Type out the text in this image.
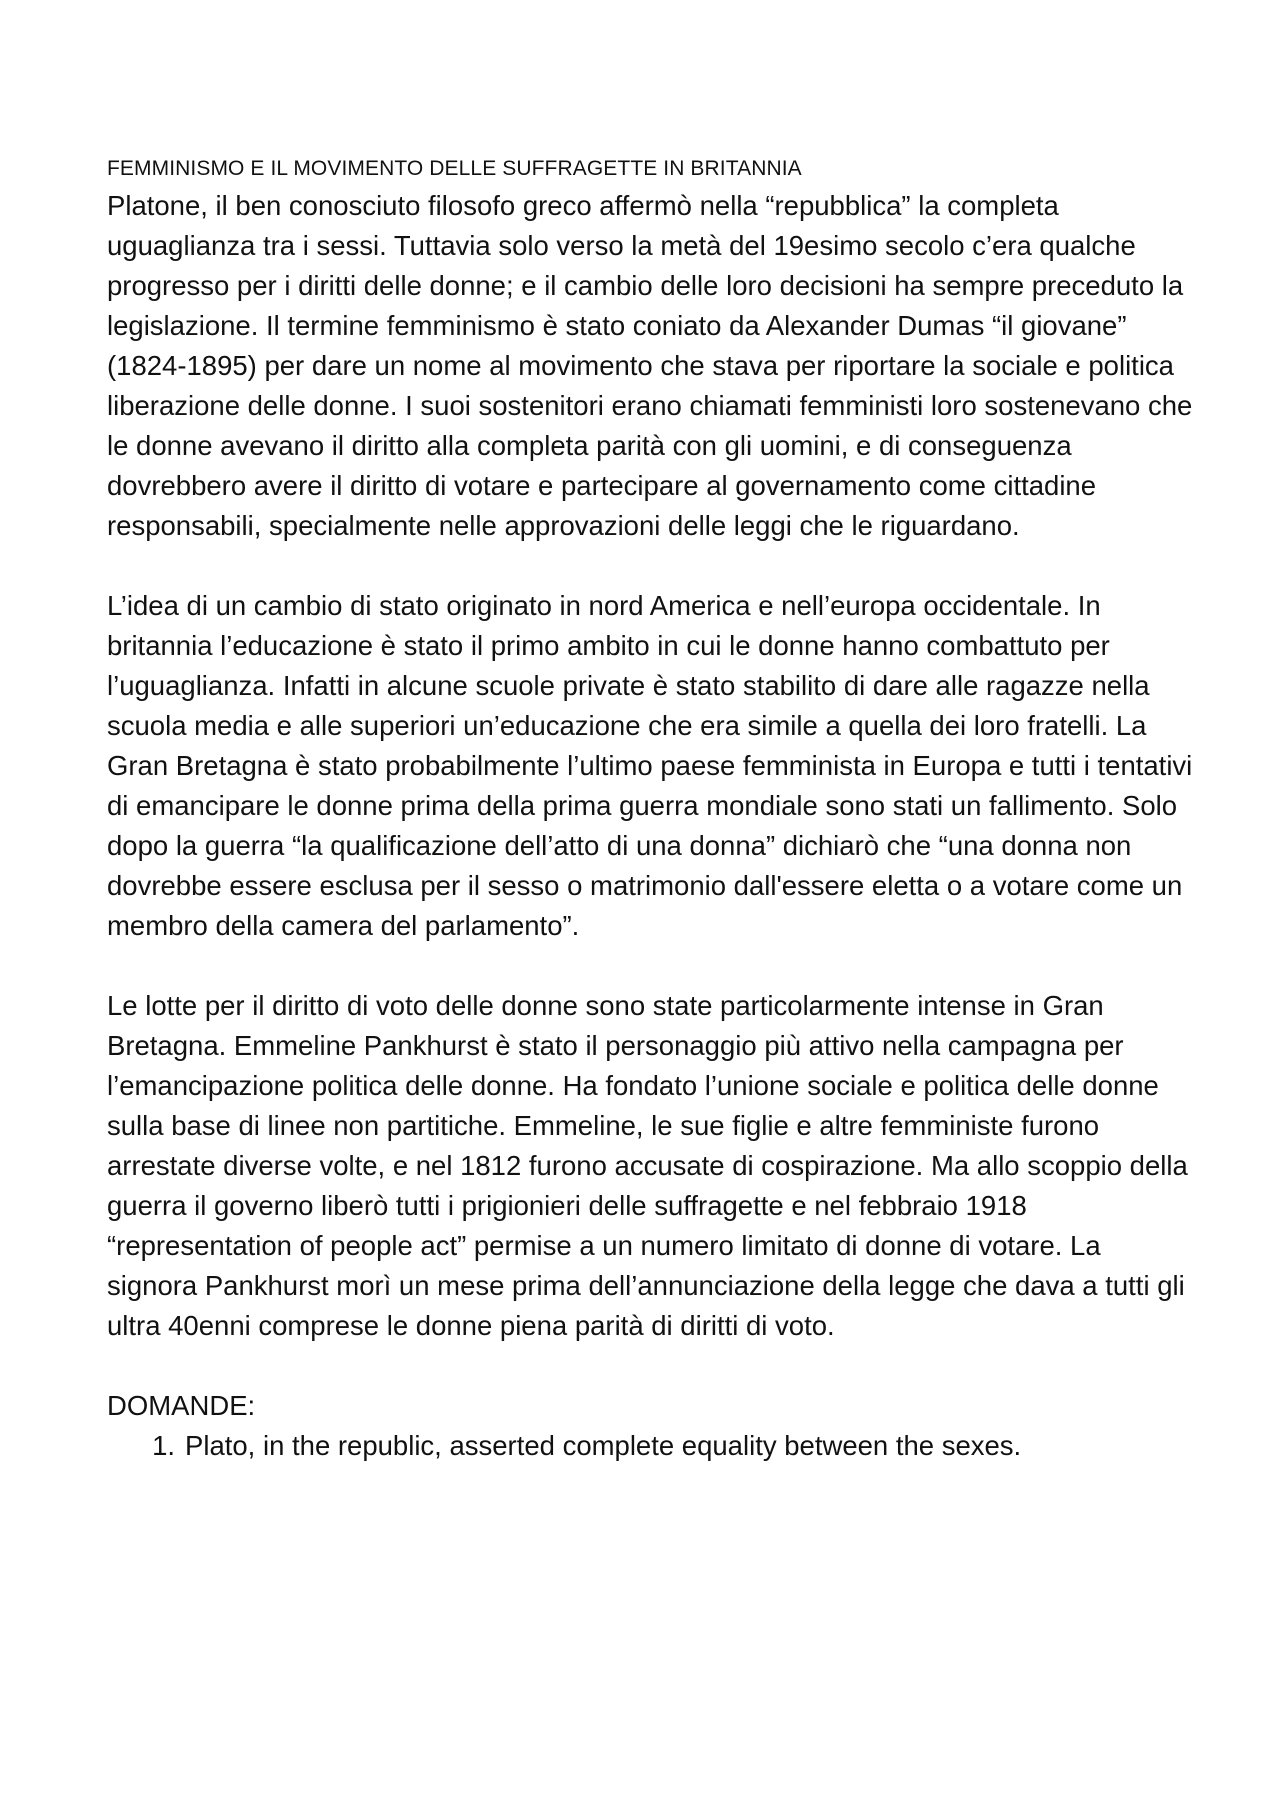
FEMMINISMO E IL MOVIMENTO DELLE SUFFRAGETTE IN BRITANNIA

Platone, il ben conosciuto filosofo greco affermò nella “repubblica” la completa uguaglianza tra i sessi. Tuttavia solo verso la metà del 19esimo secolo c’era qualche progresso per i diritti delle donne; e il cambio delle loro decisioni ha sempre preceduto la legislazione. Il termine femminismo è stato coniato da Alexander Dumas “il giovane” (1824-1895) per dare un nome al movimento che stava per riportare la sociale e politica liberazione delle donne. I suoi sostenitori erano chiamati femministi loro sostenevano che le donne avevano il diritto alla completa parità con gli uomini, e di conseguenza dovrebbero avere il diritto di votare e partecipare al governamento come cittadine responsabili, specialmente nelle approvazioni delle leggi che le riguardano.

L’idea di un cambio di stato originato in nord America e nell’europa occidentale. In britannia l’educazione è stato il primo ambito in cui le donne hanno combattuto per l’uguaglianza. Infatti in alcune scuole private è stato stabilito di dare alle ragazze nella scuola media e alle superiori un’educazione che era simile a quella dei loro fratelli. La Gran Bretagna è stato probabilmente l’ultimo paese femminista in Europa e tutti i tentativi di emancipare le donne prima della prima guerra mondiale sono stati un fallimento. Solo dopo la guerra “la qualificazione dell’atto di una donna” dichiarò che “una donna non dovrebbe essere esclusa per il sesso o matrimonio dall'essere eletta o a votare come un membro della camera del parlamento”.

Le lotte per il diritto di voto delle donne sono state particolarmente intense in Gran Bretagna. Emmeline Pankhurst è stato il personaggio più attivo nella campagna per l’emancipazione politica delle donne. Ha fondato l’unione sociale e politica delle donne sulla base di linee non partitiche. Emmeline, le sue figlie e altre femministe furono arrestate diverse volte, e nel 1812 furono accusate di cospirazione. Ma allo scoppio della guerra il governo liberò tutti i prigionieri delle suffragette e nel febbraio 1918 “representation of people act” permise a un numero limitato di donne di votare. La signora Pankhurst morì un mese prima dell’annunciazione della legge che dava a tutti gli ultra 40enni comprese le donne piena parità di diritti di voto.

DOMANDE:

1. Plato, in the republic, asserted complete equality between the sexes.
